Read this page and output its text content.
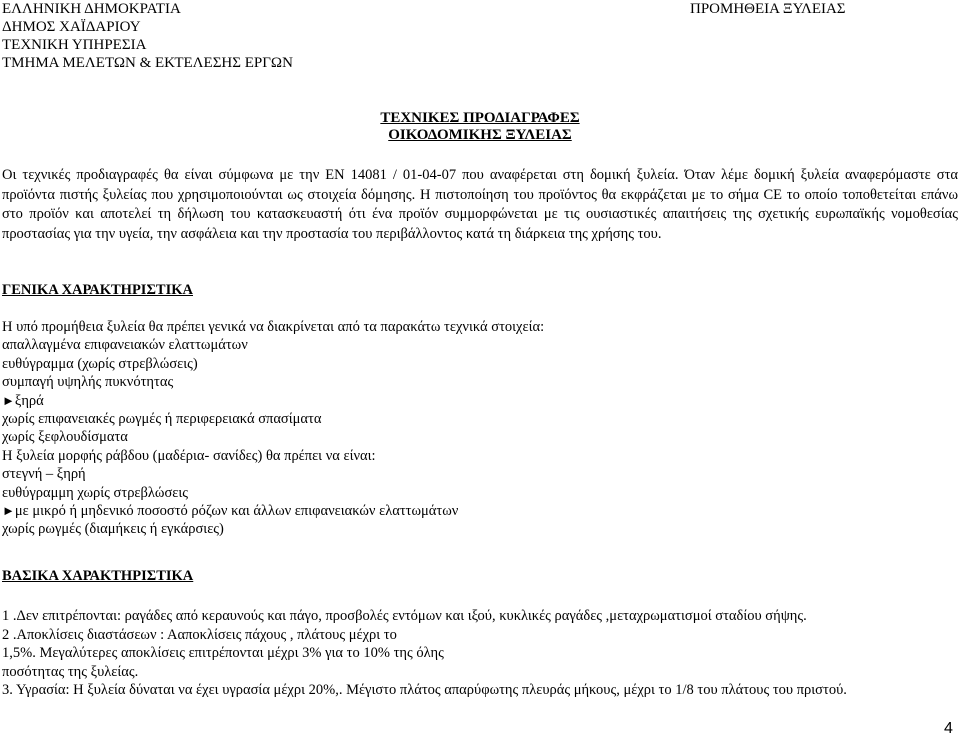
ΕΛΛΗΝΙΚΗ ΔΗΜΟΚΡΑΤΙΑ
ΔΗΜΟΣ ΧΑΪΔΑΡΙΟΥ
ΤΕΧΝΙΚΗ ΥΠΗΡΕΣΙΑ
ΤΜΗΜΑ ΜΕΛΕΤΩΝ & ΕΚΤΕΛΕΣΗΣ ΕΡΓΩΝ
ΠΡΟΜΗΘΕΙΑ ΞΥΛΕΙΑΣ
ΤΕΧΝΙΚΕΣ ΠΡΟΔΙΑΓΡΑΦΕΣ
ΟΙΚΟΔΟΜΙΚΗΣ ΞΥΛΕΙΑΣ
Οι τεχνικές προδιαγραφές θα είναι σύμφωνα με την ΕΝ 14081 / 01-04-07 που αναφέρεται στη δομική ξυλεία. Όταν λέμε δομική ξυλεία αναφερόμαστε στα προϊόντα πιστής ξυλείας που χρησιμοποιούνται ως στοιχεία δόμησης. Η πιστοποίηση του προϊόντος θα εκφράζεται με το σήμα CE το οποίο τοποθετείται επάνω στο προϊόν και αποτελεί τη δήλωση του κατασκευαστή ότι ένα προϊόν συμμορφώνεται με τις ουσιαστικές απαιτήσεις της σχετικής ευρωπαϊκής νομοθεσίας προστασίας για την υγεία, την ασφάλεια και την προστασία του περιβάλλοντος κατά τη διάρκεια της χρήσης του.
ΓΕΝΙΚΑ ΧΑΡΑΚΤΗΡΙΣΤΙΚΑ
Η υπό προμήθεια ξυλεία θα πρέπει γενικά να διακρίνεται από τα παρακάτω τεχνικά στοιχεία:
απαλλαγμένα επιφανειακών ελαττωμάτων
ευθύγραμμα (χωρίς στρεβλώσεις)
συμπαγή υψηλής πυκνότητας
►ξηρά
χωρίς επιφανειακές ρωγμές ή περιφερειακά σπασίματα
χωρίς ξεφλουδίσματα
Η ξυλεία μορφής ράβδου (μαδέρια- σανίδες) θα πρέπει να είναι:
στεγνή – ξηρή
ευθύγραμμη χωρίς στρεβλώσεις
►με μικρό ή μηδενικό ποσοστό ρόζων και άλλων επιφανειακών ελαττωμάτων
χωρίς ρωγμές (διαμήκεις ή εγκάρσιες)
ΒΑΣΙΚΑ ΧΑΡΑΚΤΗΡΙΣΤΙΚΑ
1 .Δεν επιτρέπονται: ραγάδες από κεραυνούς και πάγο, προσβολές εντόμων και ιξού, κυκλικές ραγάδες ,μεταχρωματισμοί σταδίου σήψης.
2 .Αποκλίσεις διαστάσεων : Ααποκλίσεις πάχους , πλάτους μέχρι το
1,5%. Μεγαλύτερες αποκλίσεις επιτρέπονται μέχρι 3% για το 10% της όλης
ποσότητας της ξυλείας.
3. Υγρασία: Η ξυλεία δύναται να έχει υγρασία μέχρι 20%,. Μέγιστο πλάτος απαρύφωτης πλευράς μήκους, μέχρι το 1/8 του πλάτους του πριστού.
4
